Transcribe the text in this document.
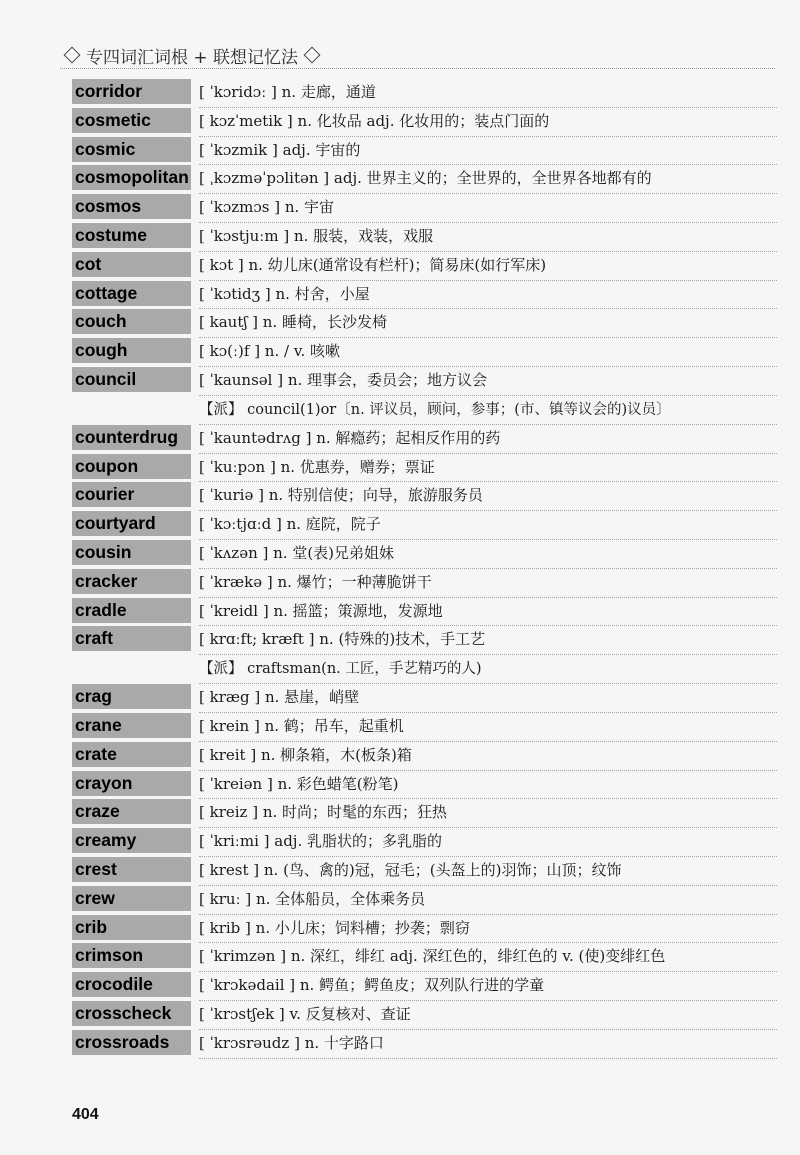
专四词汇词根 + 联想记忆法
corridor	[ ˈkɔridɔː ] n. 走廊，通道
cosmetic	[ kɔzˈmetik ] n. 化妆品 adj. 化妆用的；装点门面的
cosmic	[ ˈkɔzmik ] adj. 宇宙的
cosmopolitan [ ˌkɔzməˈpɔlitən ] adj. 世界主义的；全世界的，全世界各地都有的
cosmos	[ ˈkɔzmɔs ] n. 宇宙
costume	[ ˈkɔstjuːm ] n. 服装，戏装，戏服
cot	[ kɔt ] n. 幼儿床(通常设有栏杆)；简易床(如行军床)
cottage	[ ˈkɔtidʒ ] n. 村舍，小屋
couch	[ kautʃ ] n. 睡椅，长沙发椅
cough	[ kɔ(ː)f ] n. / v. 咳嗽
council	[ ˈkaunsəl ] n. 理事会，委员会；地方议会
【派】 council(1)or〔n. 评议员，顾问，参事；(市、镇等议会的)议员〕
counterdrug	[ ˈkauntədrʌg ] n. 解瘾药；起相反作用的药
coupon	[ ˈkuːpɔn ] n. 优惠券，赠券；票证
courier	[ ˈkuriə ] n. 特别信使；向导，旅游服务员
courtyard	[ ˈkɔːtjɑːd ] n. 庭院，院子
cousin	[ ˈkʌzən ] n. 堂(表)兄弟姐妹
cracker	[ ˈkrækə ] n. 爆竹；一种薄脆饼干
cradle	[ ˈkreidl ] n. 摇篮；策源地，发源地
craft	[ krɑːft; kræft ] n. (特殊的)技术，手工艺
【派】 craftsman(n. 工匠，手艺精巧的人)
crag	[ kræg ] n. 悬崖，峭壁
crane	[ krein ] n. 鹤；吊车，起重机
crate	[ kreit ] n. 柳条箱，木(板条)箱
crayon	[ ˈkreiən ] n. 彩色蜡笔(粉笔)
craze	[ kreiz ] n. 时尚；时髦的东西；狂热
creamy	[ ˈkriːmi ] adj. 乳脂状的；多乳脂的
crest	[ krest ] n. (鸟、禽的)冠，冠毛；(头盔上的)羽饰；山顶；纹饰
crew	[ kruː ] n. 全体船员，全体乘务员
crib	[ krib ] n. 小儿床；饲料槽；抄袭；剽窃
crimson	[ ˈkrimzən ] n. 深红，绯红 adj. 深红色的，绯红色的 v. (使)变绯红色
crocodile	[ ˈkrɔkədail ] n. 鳄鱼；鳄鱼皮；双列队行进的学童
crosscheck	[ ˈkrɔstʃek ] v. 反复核对、查证
crossroads	[ ˈkrɔsrəudz ] n. 十字路口
404
